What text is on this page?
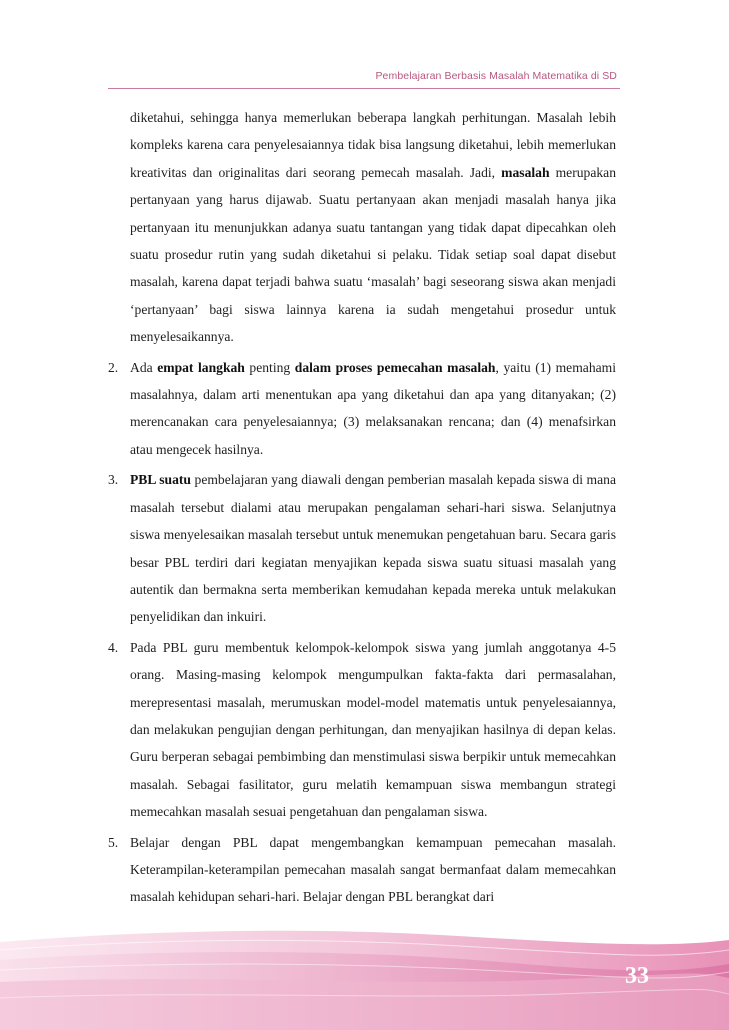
Pembelajaran Berbasis Masalah Matematika di SD

diketahui, sehingga hanya memerlukan beberapa langkah perhitungan. Masalah lebih kompleks karena cara penyelesaiannya tidak bisa langsung diketahui, lebih memerlukan kreativitas dan originalitas dari seorang pemecah masalah. Jadi, masalah merupakan pertanyaan yang harus dijawab. Suatu pertanyaan akan menjadi masalah hanya jika pertanyaan itu menunjukkan adanya suatu tantangan yang tidak dapat dipecahkan oleh suatu prosedur rutin yang sudah diketahui si pelaku. Tidak setiap soal dapat disebut masalah, karena dapat terjadi bahwa suatu ‘masalah’ bagi seseorang siswa akan menjadi ‘pertanyaan’ bagi siswa lainnya karena ia sudah mengetahui prosedur untuk menyelesaikannya.

2. Ada empat langkah penting dalam proses pemecahan masalah, yaitu (1) memahami masalahnya, dalam arti menentukan apa yang diketahui dan apa yang ditanyakan; (2) merencanakan cara penyelesaiannya; (3) melaksanakan rencana; dan (4) menafsirkan atau mengecek hasilnya.
3. PBL suatu pembelajaran yang diawali dengan pemberian masalah kepada siswa di mana masalah tersebut dialami atau merupakan pengalaman sehari-hari siswa. Selanjutnya siswa menyelesaikan masalah tersebut untuk menemukan pengetahuan baru. Secara garis besar PBL terdiri dari kegiatan menyajikan kepada siswa suatu situasi masalah yang autentik dan bermakna serta memberikan kemudahan kepada mereka untuk melakukan penyelidikan dan inkuiri.
4. Pada PBL guru membentuk kelompok-kelompok siswa yang jumlah anggotanya 4-5 orang. Masing-masing kelompok mengumpulkan fakta-fakta dari permasalahan, merepresentasi masalah, merumuskan model-model matematis untuk penyelesaiannya, dan melakukan pengujian dengan perhitungan, dan menyajikan hasilnya di depan kelas. Guru berperan sebagai pembimbing dan menstimulasi siswa berpikir untuk memecahkan masalah. Sebagai fasilitator, guru melatih kemampuan siswa membangun strategi memecahkan masalah sesuai pengetahuan dan pengalaman siswa.
5. Belajar dengan PBL dapat mengembangkan kemampuan pemecahan masalah. Keterampilan-keterampilan pemecahan masalah sangat bermanfaat dalam memecahkan masalah kehidupan sehari-hari. Belajar dengan PBL berangkat dari
33
